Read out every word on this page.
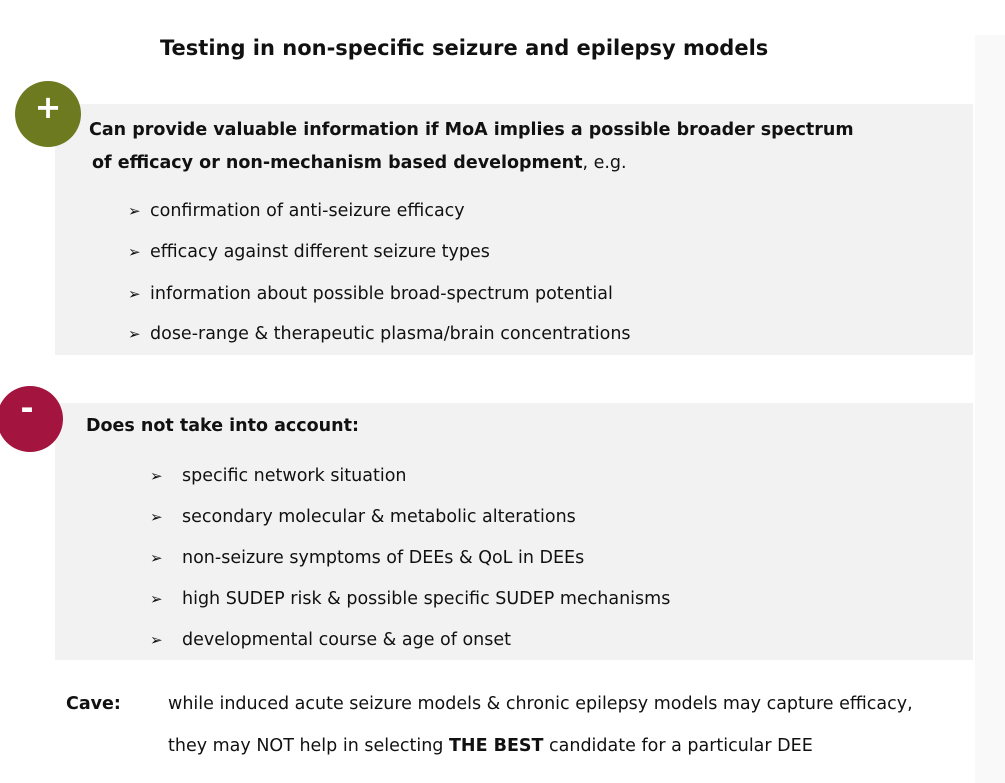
Testing in non-specific seizure and epilepsy models
+
Can provide valuable information if MoA implies a possible broader spectrum
of efficacy or non-mechanism based development, e.g.
➢ confirmation of anti-seizure efficacy
➢ efficacy against different seizure types
➢ information about possible broad-spectrum potential
➢ dose-range & therapeutic plasma/brain concentrations
-	Does not take into account:
➢ specific network situation
➢ secondary molecular & metabolic alterations
➢ non-seizure symptoms of DEEs & QoL in DEEs
➢ high SUDEP risk & possible specific SUDEP mechanisms
➢ developmental course & age of onset
Cave:	while induced acute seizure models & chronic epilepsy models may capture efficacy,
they may NOT help in selecting THE BEST candidate for a particular DEE
